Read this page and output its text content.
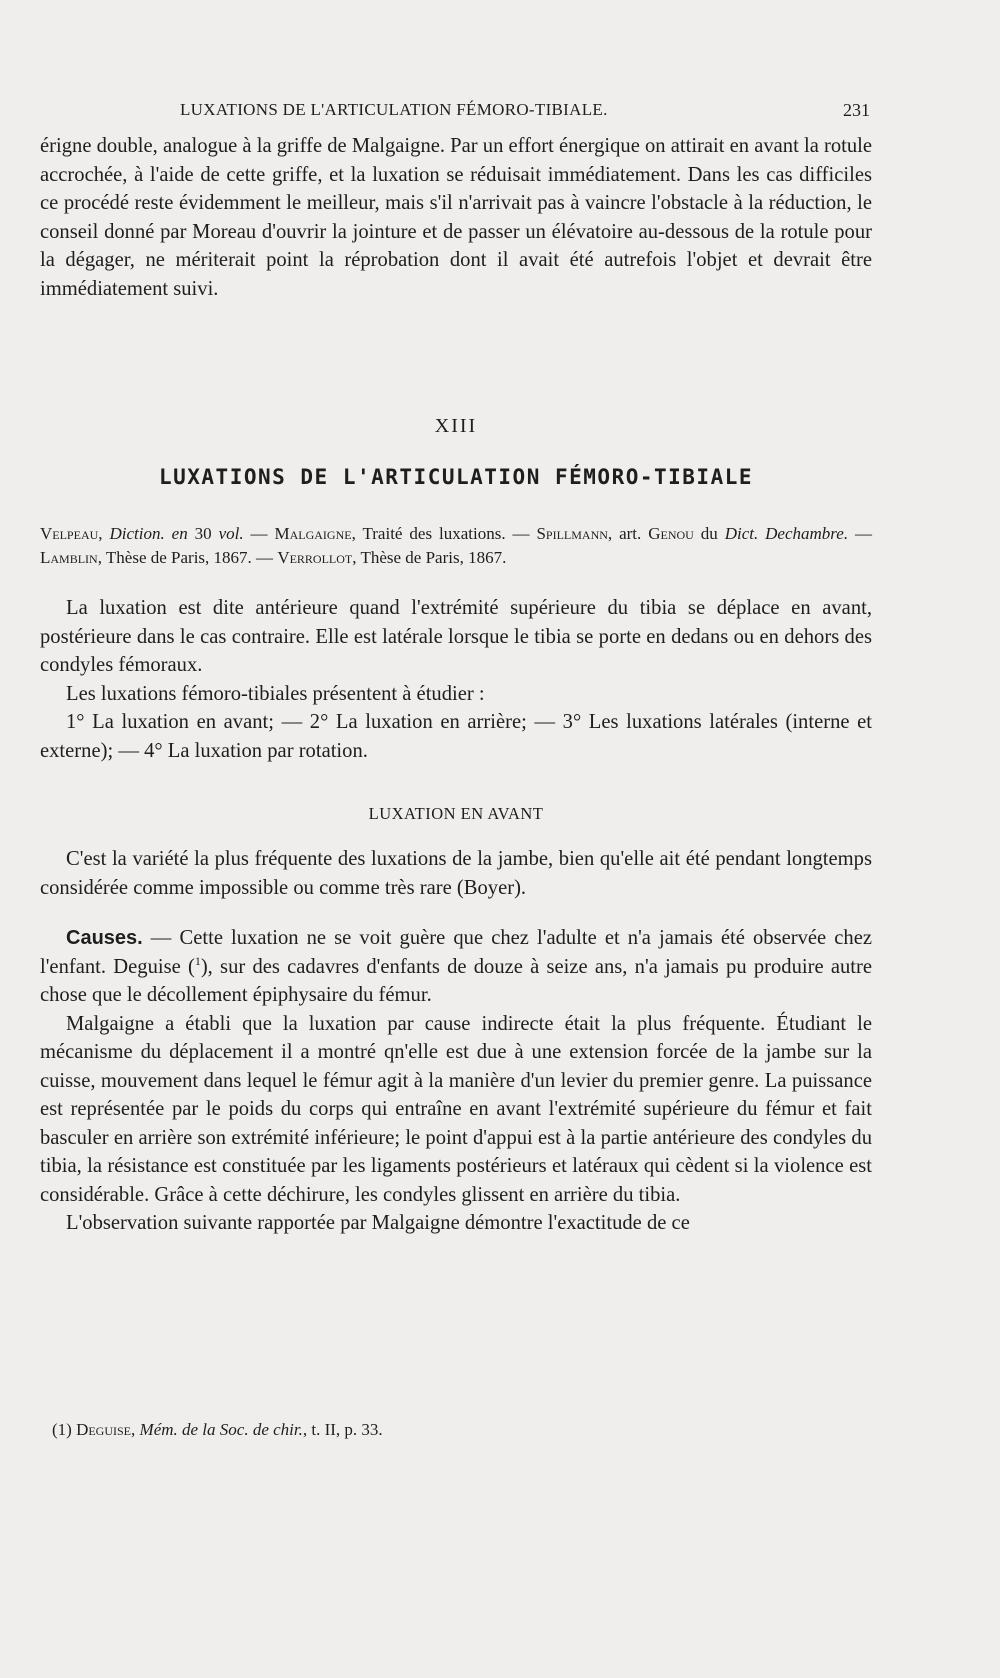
LUXATIONS DE L'ARTICULATION FÉMORO-TIBIALE.	231

érigne double, analogue à la griffe de Malgaigne. Par un effort énergique on attirait en avant la rotule accrochée, à l'aide de cette griffe, et la luxation se réduisait immédiatement. Dans les cas difficiles ce procédé reste évidemment le meilleur, mais s'il n'arrivait pas à vaincre l'obstacle à la réduction, le conseil donné par Moreau d'ouvrir la jointure et de passer un élévatoire au-dessous de la rotule pour la dégager, ne mériterait point la réprobation dont il avait été autrefois l'objet et devrait être immédiatement suivi.

XIII
LUXATIONS DE L'ARTICULATION FÉMORO-TIBIALE

Velpeau, Diction. en 30 vol. — Malgaigne, Traité des luxations. — Spillmann, art. Genou du Dict. Dechambre. — Lamblin, Thèse de Paris, 1867. — Verrollot, Thèse de Paris, 1867.

La luxation est dite antérieure quand l'extrémité supérieure du tibia se déplace en avant, postérieure dans le cas contraire. Elle est latérale lorsque le tibia se porte en dedans ou en dehors des condyles fémoraux.

Les luxations fémoro-tibiales présentent à étudier :

1° La luxation en avant; — 2° La luxation en arrière; — 3° Les luxations latérales (interne et externe); — 4° La luxation par rotation.

LUXATION EN AVANT

C'est la variété la plus fréquente des luxations de la jambe, bien qu'elle ait été pendant longtemps considérée comme impossible ou comme très rare (Boyer).

Causes. — Cette luxation ne se voit guère que chez l'adulte et n'a jamais été observée chez l'enfant. Deguise ($^1$), sur des cadavres d'enfants de douze à seize ans, n'a jamais pu produire autre chose que le décollement épiphysaire du fémur.

Malgaigne a établi que la luxation par cause indirecte était la plus fréquente. Étudiant le mécanisme du déplacement il a montré qn'elle est due à une extension forcée de la jambe sur la cuisse, mouvement dans lequel le fémur agit à la manière d'un levier du premier genre. La puissance est représentée par le poids du corps qui entraîne en avant l'extrémité supérieure du fémur et fait basculer en arrière son extrémité inférieure; le point d'appui est à la partie antérieure des condyles du tibia, la résistance est constituée par les ligaments postérieurs et latéraux qui cèdent si la violence est considérable. Grâce à cette déchirure, les condyles glissent en arrière du tibia.

L'observation suivante rapportée par Malgaigne démontre l'exactitude de ce

(1) Deguise, Mém. de la Soc. de chir., t. II, p. 33.
